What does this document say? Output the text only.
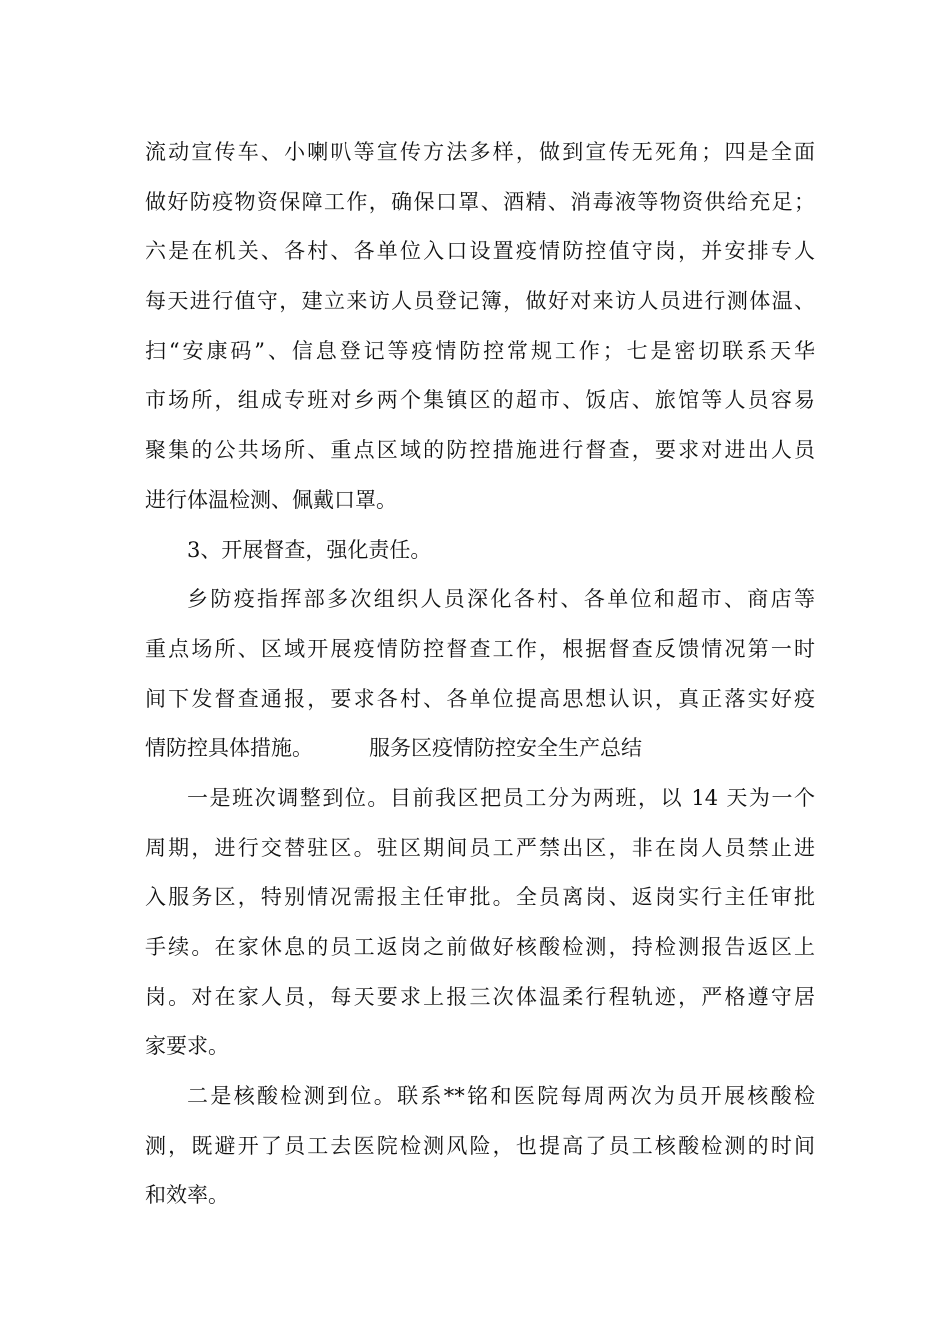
流动宣传车、小喇叭等宣传方法多样，做到宣传无死角；四是全面
做好防疫物资保障工作，确保口罩、酒精、消毒液等物资供给充足；
六是在机关、各村、各单位入口设置疫情防控值守岗，并安排专人
每天进行值守，建立来访人员登记簿，做好对来访人员进行测体温、
扫“安康码”、信息登记等疫情防控常规工作；七是密切联系天华
市场所，组成专班对乡两个集镇区的超市、饭店、旅馆等人员容易
聚集的公共场所、重点区域的防控措施进行督查，要求对进出人员
进行体温检测、佩戴口罩。
3、开展督查，强化责任。
乡防疫指挥部多次组织人员深化各村、各单位和超市、商店等
重点场所、区域开展疫情防控督查工作，根据督查反馈情况第一时
间下发督查通报，要求各村、各单位提高思想认识，真正落实好疫
情防控具体措施。	服务区疫情防控安全生产总结
一是班次调整到位。目前我区把员工分为两班，以 14 天为一个
周期，进行交替驻区。驻区期间员工严禁出区，非在岗人员禁止进
入服务区，特别情况需报主任审批。全员离岗、返岗实行主任审批
手续。在家休息的员工返岗之前做好核酸检测，持检测报告返区上
岗。对在家人员，每天要求上报三次体温柔行程轨迹，严格遵守居
家要求。
二是核酸检测到位。联系**铭和医院每周两次为员开展核酸检
测，既避开了员工去医院检测风险，也提高了员工核酸检测的时间
和效率。
